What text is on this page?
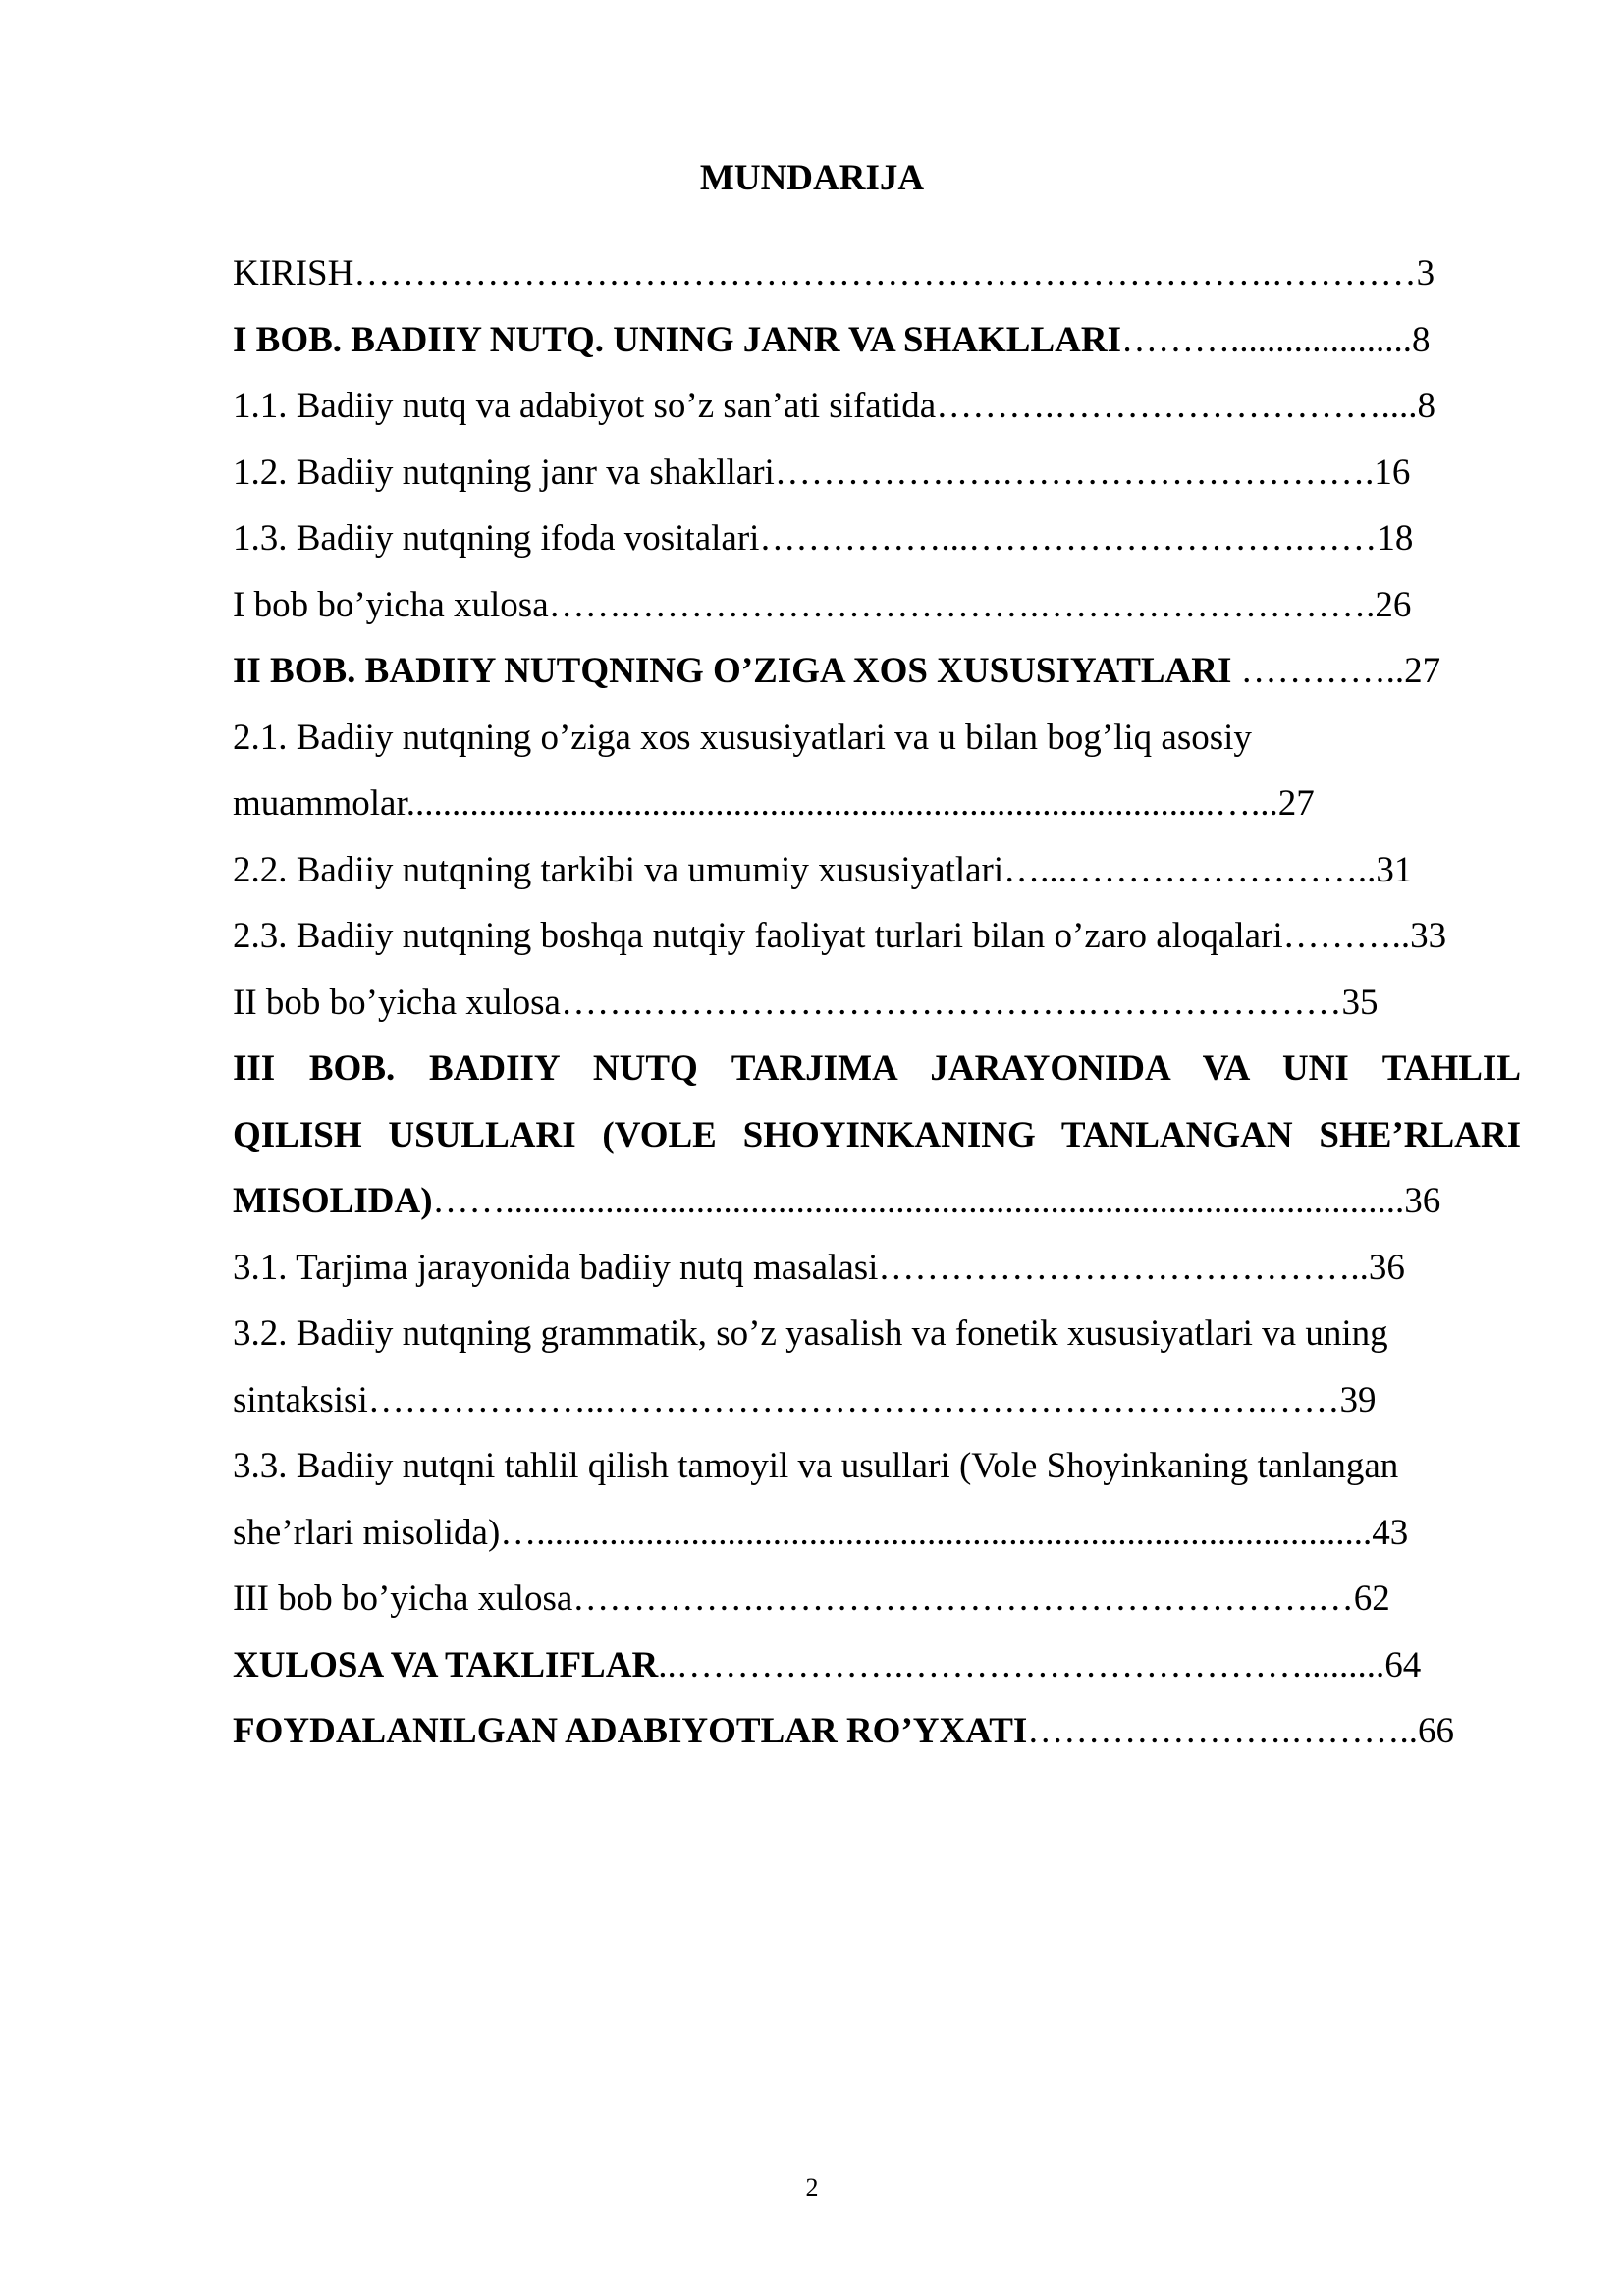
MUNDARIJA
KIRISH………………………………………………………………….…………3
I BOB. BADIIY NUTQ. UNING JANR VA SHAKLLARI………....................8
1.1. Badiiy nutq va adabiyot so’z san’ati sifatida……….………………………....8
1.2. Badiiy nutqning janr va shakllari……………….………………………….16
1.3. Badiiy nutqning ifoda vositalari……………...……………………….……18
I bob bo’yicha xulosa…….…………………………….……………………….26
II BOB. BADIIY NUTQNING O’ZIGA XOS XUSUSIYATLARI …………..27
2.1. Badiiy nutqning o’ziga xos xususiyatlari va u bilan bog’liq asosiy
muammolar.........................................................................................…...27
2.2. Badiiy nutqning tarkibi va umumiy xususiyatlari…...……………………..31
2.3. Badiiy nutqning boshqa nutqiy faoliyat turlari bilan o’zaro aloqalari………..33
II bob bo’yicha xulosa…….……………………………….…………………35
III BOB. BADIIY NUTQ TARJIMA JARAYONIDA VA UNI TAHLIL
QILISH USULLARI (VOLE SHOYINKANING TANLANGAN SHE’RLARI
MISOLIDA)……...................................................................................................36
3.1. Tarjima jarayonida badiiy nutq masalasi…………………………………..36
3.2. Badiiy nutqning grammatik, so’z yasalish va fonetik xususiyatlari va uning
sintaksisi………………..……………………………………………….……39
3.3. Badiiy nutqni tahlil qilish tamoyil va usullari (Vole Shoyinkaning tanlangan
she’rlari misolida)…............................................................................................43
III bob bo’yicha xulosa…………….……………………………………….…62
XULOSA VA TAKLIFLAR..……………….…………………………….........64
FOYDALANILGAN ADABIYOTLAR RO’YXATI………………….………..66
2
